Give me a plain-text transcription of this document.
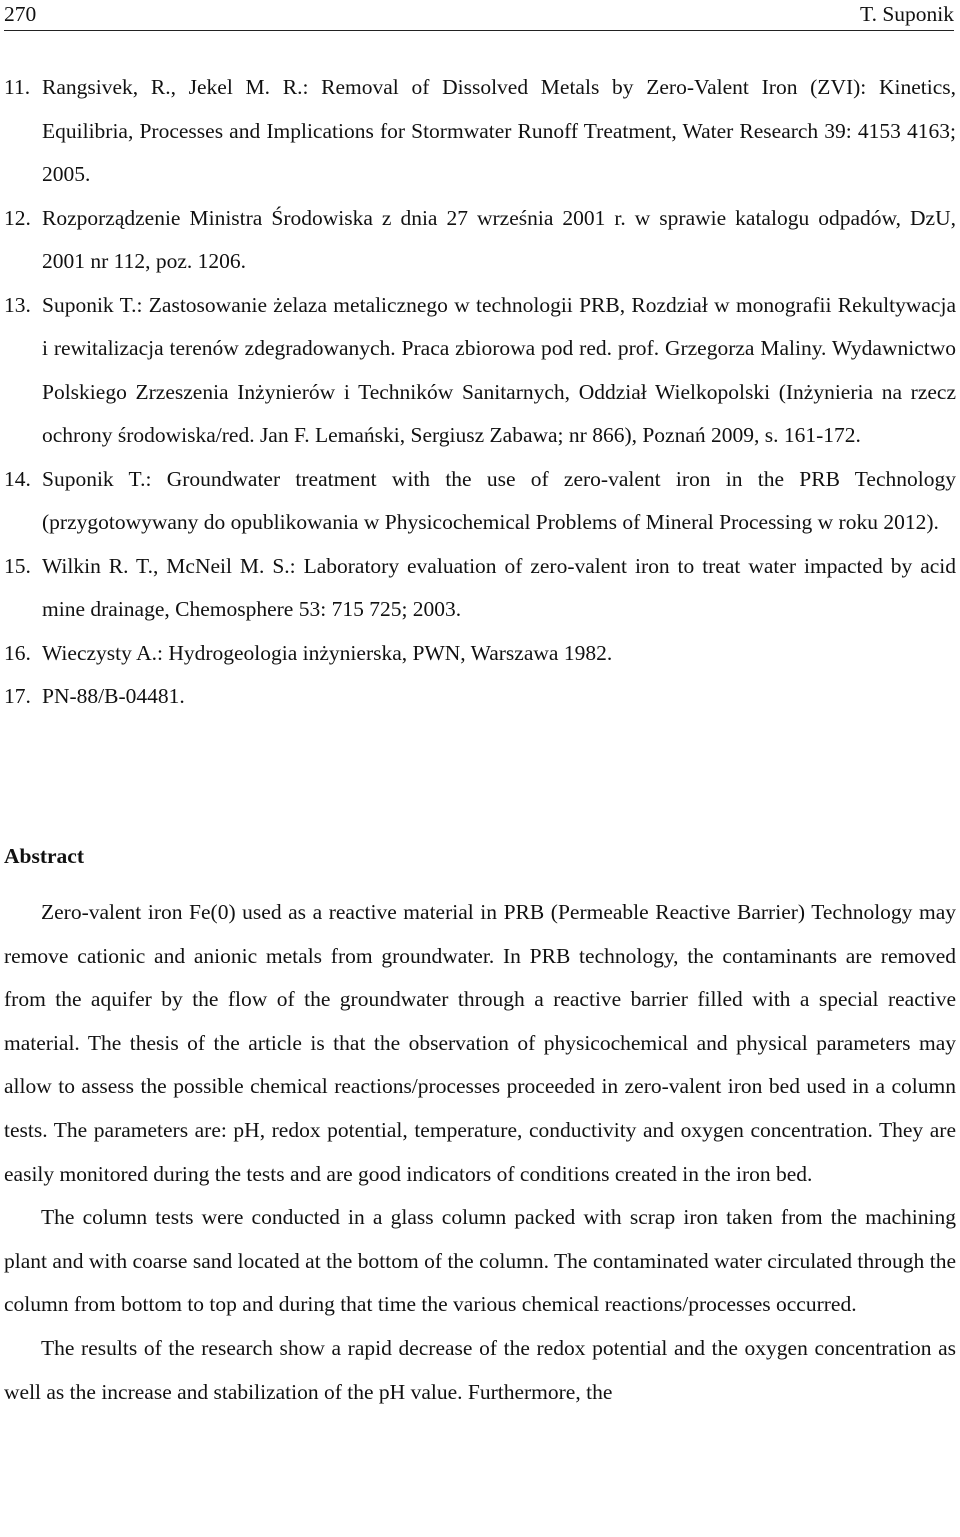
270	T. Suponik
11. Rangsivek, R., Jekel M. R.: Removal of Dissolved Metals by Zero-Valent Iron (ZVI): Kinetics, Equilibria, Processes and Implications for Stormwater Runoff Treatment, Water Research 39: 4153 4163; 2005.
12. Rozporządzenie Ministra Środowiska z dnia 27 września 2001 r. w sprawie katalogu odpadów, DzU, 2001 nr 112, poz. 1206.
13. Suponik T.: Zastosowanie żelaza metalicznego w technologii PRB, Rozdział w monografii Rekultywacja i rewitalizacja terenów zdegradowanych. Praca zbiorowa pod red. prof. Grzegorza Maliny. Wydawnictwo Polskiego Zrzeszenia Inżynierów i Techników Sanitarnych, Oddział Wielkopolski (Inżynieria na rzecz ochrony środowiska/red. Jan F. Lemański, Sergiusz Zabawa; nr 866), Poznań 2009, s. 161-172.
14. Suponik T.: Groundwater treatment with the use of zero-valent iron in the PRB Technology (przygotowywany do opublikowania w Physicochemical Problems of Mineral Processing w roku 2012).
15. Wilkin R. T., McNeil M. S.: Laboratory evaluation of zero-valent iron to treat water impacted by acid mine drainage, Chemosphere 53: 715 725; 2003.
16. Wieczysty A.: Hydrogeologia inżynierska, PWN, Warszawa 1982.
17. PN-88/B-04481.
Abstract

Zero-valent iron Fe(0) used as a reactive material in PRB (Permeable Reactive Barrier) Technology may remove cationic and anionic metals from groundwater. In PRB technology, the contaminants are removed from the aquifer by the flow of the groundwater through a reactive barrier filled with a special reactive material. The thesis of the article is that the observation of physicochemical and physical parameters may allow to assess the possible chemical reactions/processes proceeded in zero-valent iron bed used in a column tests. The parameters are: pH, redox potential, temperature, conductivity and oxygen concentration. They are easily monitored during the tests and are good indicators of conditions created in the iron bed.

The column tests were conducted in a glass column packed with scrap iron taken from the machining plant and with coarse sand located at the bottom of the column. The contaminated water circulated through the column from bottom to top and during that time the various chemical reactions/processes occurred.

The results of the research show a rapid decrease of the redox potential and the oxygen concentration as well as the increase and stabilization of the pH value. Furthermore, the
